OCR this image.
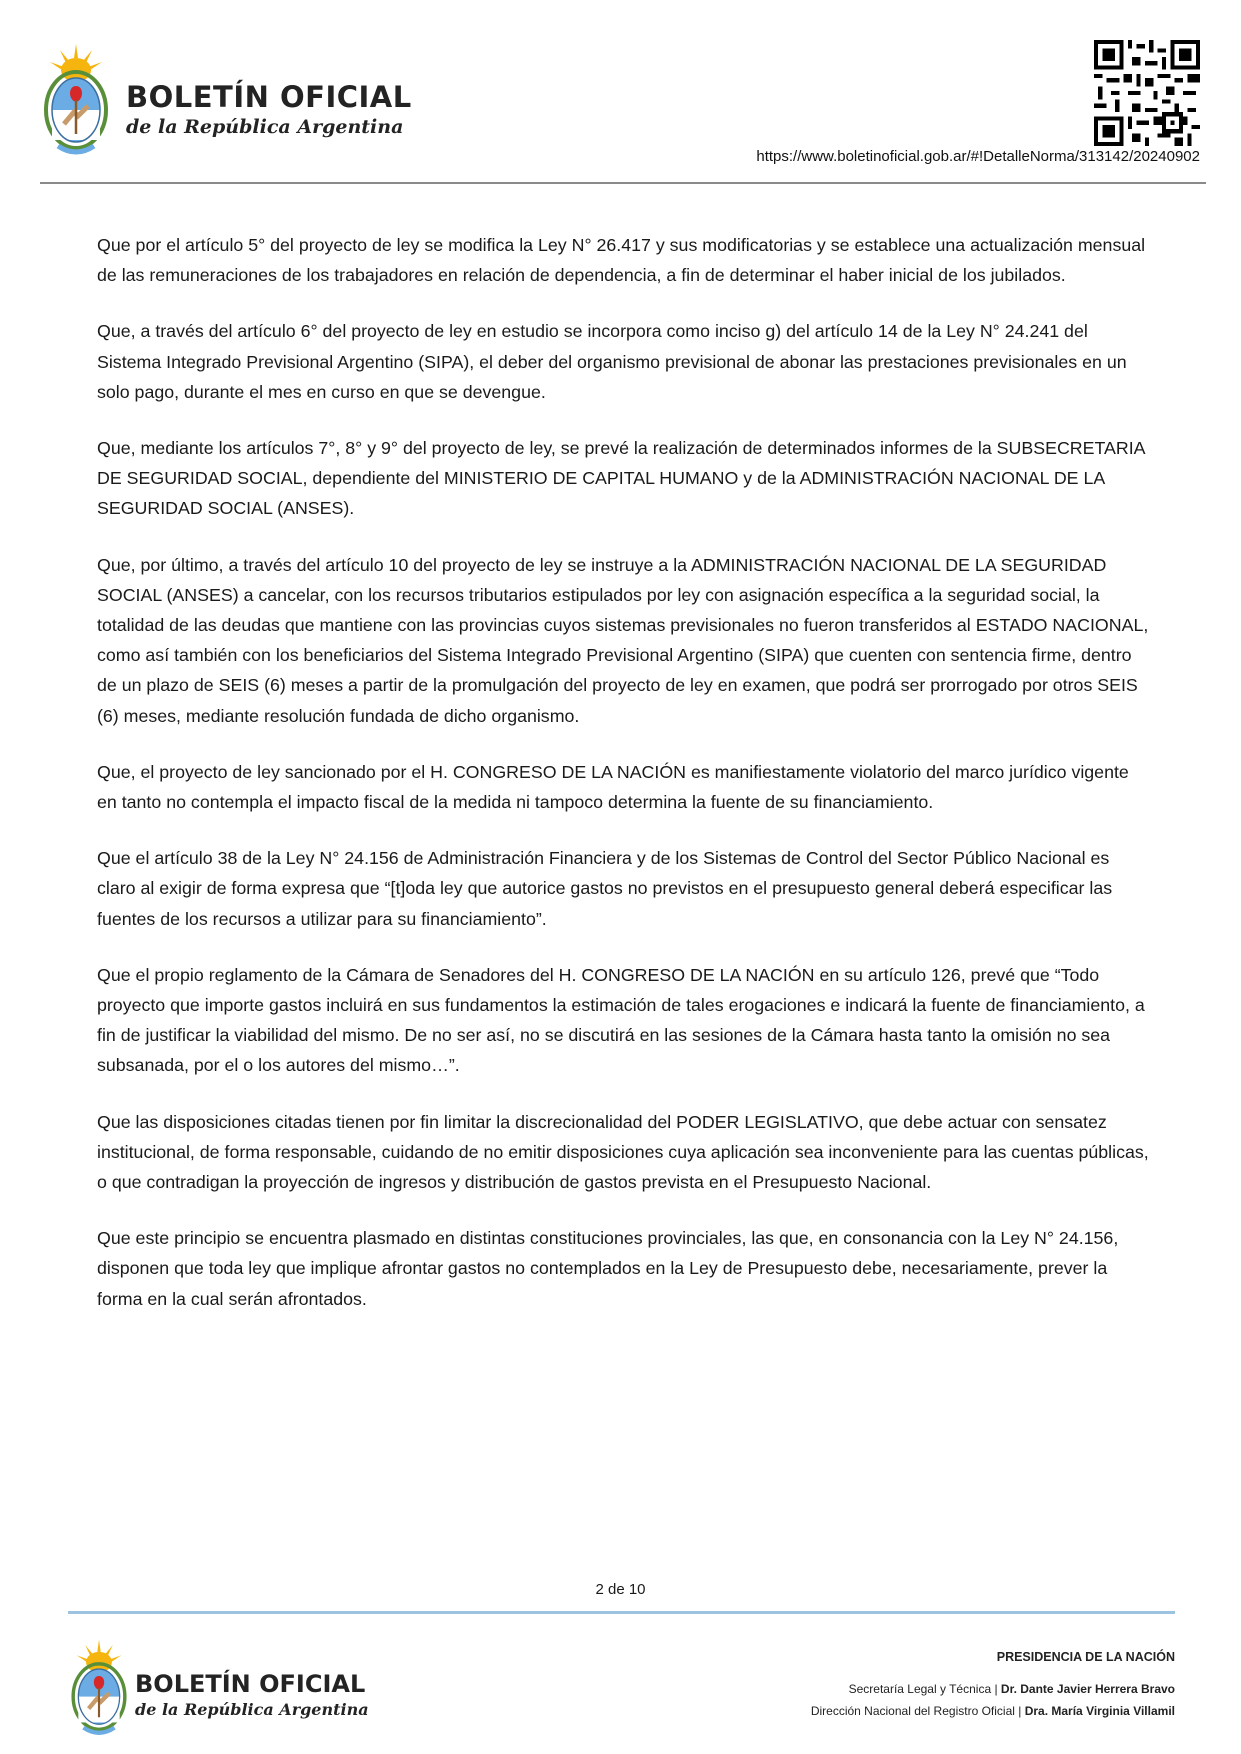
BOLETÍN OFICIAL
de la República Argentina
https://www.boletinoficial.gob.ar/#!DetalleNorma/313142/20240902

Que por el artículo 5° del proyecto de ley se modifica la Ley N° 26.417 y sus modificatorias y se establece una actualización mensual de las remuneraciones de los trabajadores en relación de dependencia, a fin de determinar el haber inicial de los jubilados.

Que, a través del artículo 6° del proyecto de ley en estudio se incorpora como inciso g) del artículo 14 de la Ley N° 24.241 del Sistema Integrado Previsional Argentino (SIPA), el deber del organismo previsional de abonar las prestaciones previsionales en un solo pago, durante el mes en curso en que se devengue.

Que, mediante los artículos 7°, 8° y 9° del proyecto de ley, se prevé la realización de determinados informes de la SUBSECRETARIA DE SEGURIDAD SOCIAL, dependiente del MINISTERIO DE CAPITAL HUMANO y de la ADMINISTRACIÓN NACIONAL DE LA SEGURIDAD SOCIAL (ANSES).

Que, por último, a través del artículo 10 del proyecto de ley se instruye a la ADMINISTRACIÓN NACIONAL DE LA SEGURIDAD SOCIAL (ANSES) a cancelar, con los recursos tributarios estipulados por ley con asignación específica a la seguridad social, la totalidad de las deudas que mantiene con las provincias cuyos sistemas previsionales no fueron transferidos al ESTADO NACIONAL, como así también con los beneficiarios del Sistema Integrado Previsional Argentino (SIPA) que cuenten con sentencia firme, dentro de un plazo de SEIS (6) meses a partir de la promulgación del proyecto de ley en examen, que podrá ser prorrogado por otros SEIS (6) meses, mediante resolución fundada de dicho organismo.

Que, el proyecto de ley sancionado por el H. CONGRESO DE LA NACIÓN es manifiestamente violatorio del marco jurídico vigente en tanto no contempla el impacto fiscal de la medida ni tampoco determina la fuente de su financiamiento.

Que el artículo 38 de la Ley N° 24.156 de Administración Financiera y de los Sistemas de Control del Sector Público Nacional es claro al exigir de forma expresa que “[t]oda ley que autorice gastos no previstos en el presupuesto general deberá especificar las fuentes de los recursos a utilizar para su financiamiento”.

Que el propio reglamento de la Cámara de Senadores del H. CONGRESO DE LA NACIÓN en su artículo 126, prevé que “Todo proyecto que importe gastos incluirá en sus fundamentos la estimación de tales erogaciones e indicará la fuente de financiamiento, a fin de justificar la viabilidad del mismo. De no ser así, no se discutirá en las sesiones de la Cámara hasta tanto la omisión no sea subsanada, por el o los autores del mismo…”.

Que las disposiciones citadas tienen por fin limitar la discrecionalidad del PODER LEGISLATIVO, que debe actuar con sensatez institucional, de forma responsable, cuidando de no emitir disposiciones cuya aplicación sea inconveniente para las cuentas públicas, o que contradigan la proyección de ingresos y distribución de gastos prevista en el Presupuesto Nacional.

Que este principio se encuentra plasmado en distintas constituciones provinciales, las que, en consonancia con la Ley N° 24.156, disponen que toda ley que implique afrontar gastos no contemplados en la Ley de Presupuesto debe, necesariamente, prever la forma en la cual serán afrontados.

2 de 10
BOLETÍN OFICIAL
de la República Argentina
PRESIDENCIA DE LA NACIÓN
Secretaría Legal y Técnica | Dr. Dante Javier Herrera Bravo
Dirección Nacional del Registro Oficial | Dra. María Virginia Villamil
